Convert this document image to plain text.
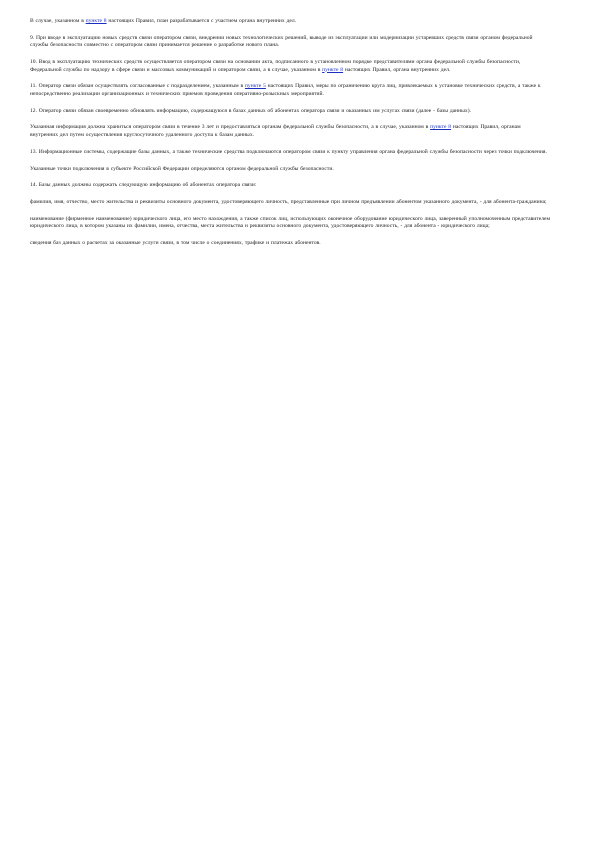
В случае, указанном в пункте 8 настоящих Правил, план разрабатывается с участием органа внутренних дел.

9. При вводе в эксплуатацию новых средств связи оператором связи, внедрении новых технологических решений, выводе из эксплуатации или модернизации устаревших средств связи органом федеральной службы безопасности совместно с оператором связи принимается решение о разработке нового плана.

10. Ввод в эксплуатацию технических средств осуществляется оператором связи на основании акта, подписанного в установленном порядке представителями органа федеральной службы безопасности, Федеральной службы по надзору в сфере связи и массовых коммуникаций и оператором связи, а в случае, указанном в пункте 8 настоящих Правил, органа внутренних дел.

11. Оператор связи обязан осуществлять согласованные с подразделением, указанным в пункте 5 настоящих Правил, меры по ограничению круга лиц, привлекаемых к установке технических средств, а также к непосредственно реализации организационных и технических приемов проведения оперативно-розыскных мероприятий.

12. Оператор связи обязан своевременно обновлять информацию, содержащуюся в базах данных об абонентах оператора связи и оказанных им услугах связи (далее - базы данных).

Указанная информация должна храниться оператором связи в течение 3 лет и предоставляться органам федеральной службы безопасности, а в случае, указанном в пункте 8 настоящих Правил, органам внутренних дел путем осуществления круглосуточного удаленного доступа к базам данных.

13. Информационные системы, содержащие базы данных, а также технические средства подключаются оператором связи к пункту управления органа федеральной службы безопасности через точки подключения.

Указанные точки подключения в субъекте Российской Федерации определяются органом федеральной службы безопасности.

14. Базы данных должны содержать следующую информацию об абонентах оператора связи:

фамилия, имя, отчество, место жительства и реквизиты основного документа, удостоверяющего личность, представленные при личном предъявлении абонентом указанного документа, - для абонента-гражданина;

наименование (фирменное наименование) юридического лица, его место нахождения, а также список лиц, использующих оконечное оборудование юридического лица, заверенный уполномоченным представителем юридического лица, в котором указаны их фамилии, имена, отчества, места жительства и реквизиты основного документа, удостоверяющего личность, - для абонента - юридического лица;

сведения баз данных о расчетах за оказанные услуги связи, в том числе о соединениях, трафике и платежах абонентов.
